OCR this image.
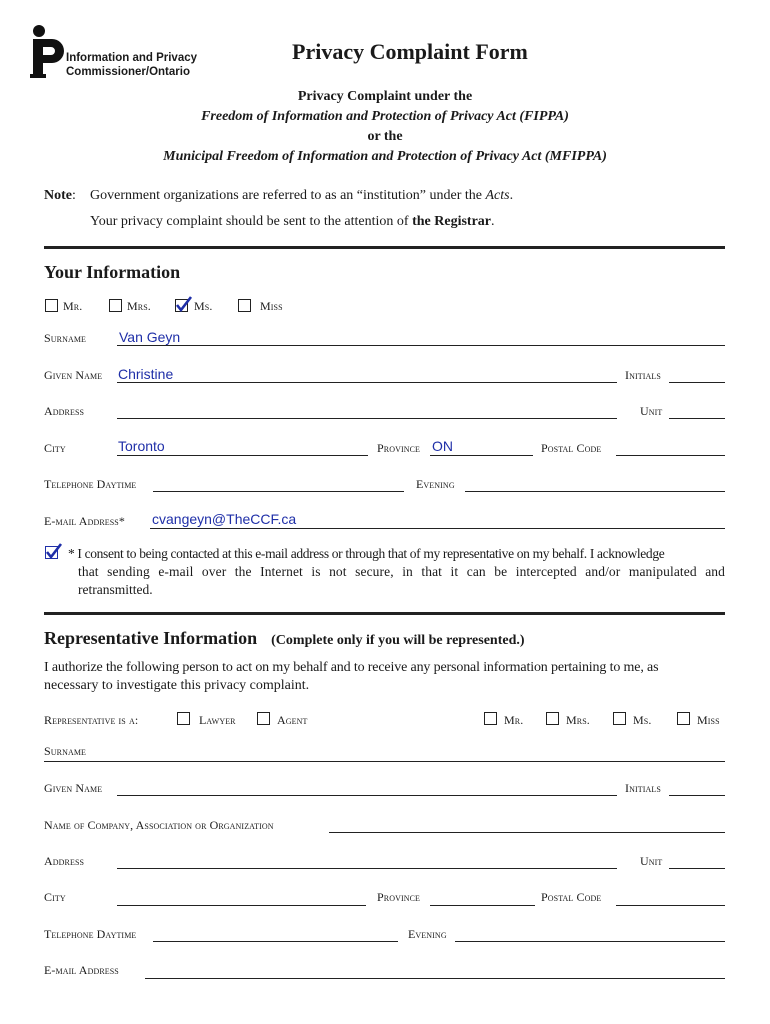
Information and Privacy
Commissioner/Ontario
Privacy Complaint Form
Privacy Complaint under the
Freedom of Information and Protection of Privacy Act (FIPPA)
or the
Municipal Freedom of Information and Protection of Privacy Act (MFIPPA)
Note: Government organizations are referred to as an “institution” under the Acts.
Your privacy complaint should be sent to the attention of the Registrar.
Your Information
Mr.	Mrs.	Ms.	Miss
Surname Van Geyn
Given Name Christine	Initials
Address	Unit
City	Toronto	Province ON	Postal Code
Telephone Daytime	Evening
E-mail Address* cvangeyn@TheCCF.ca
* I consent to being contacted at this e-mail address or through that of my representative on my behalf. I acknowledge
that sending e-mail over the Internet is not secure, in that it can be intercepted and/or manipulated and
retransmitted.
Representative Information (Complete only if you will be represented.)
I authorize the following person to act on my behalf and to receive any personal information pertaining to me, as
necessary to investigate this privacy complaint.
Representative is a:	Lawyer	Agent	Mr.	Mrs.	Ms.	Miss
Surname
Given Name	Initials
Name of Company, Association or Organization
Address	Unit
City	Province	Postal Code
Telephone Daytime	Evening
E-mail Address
